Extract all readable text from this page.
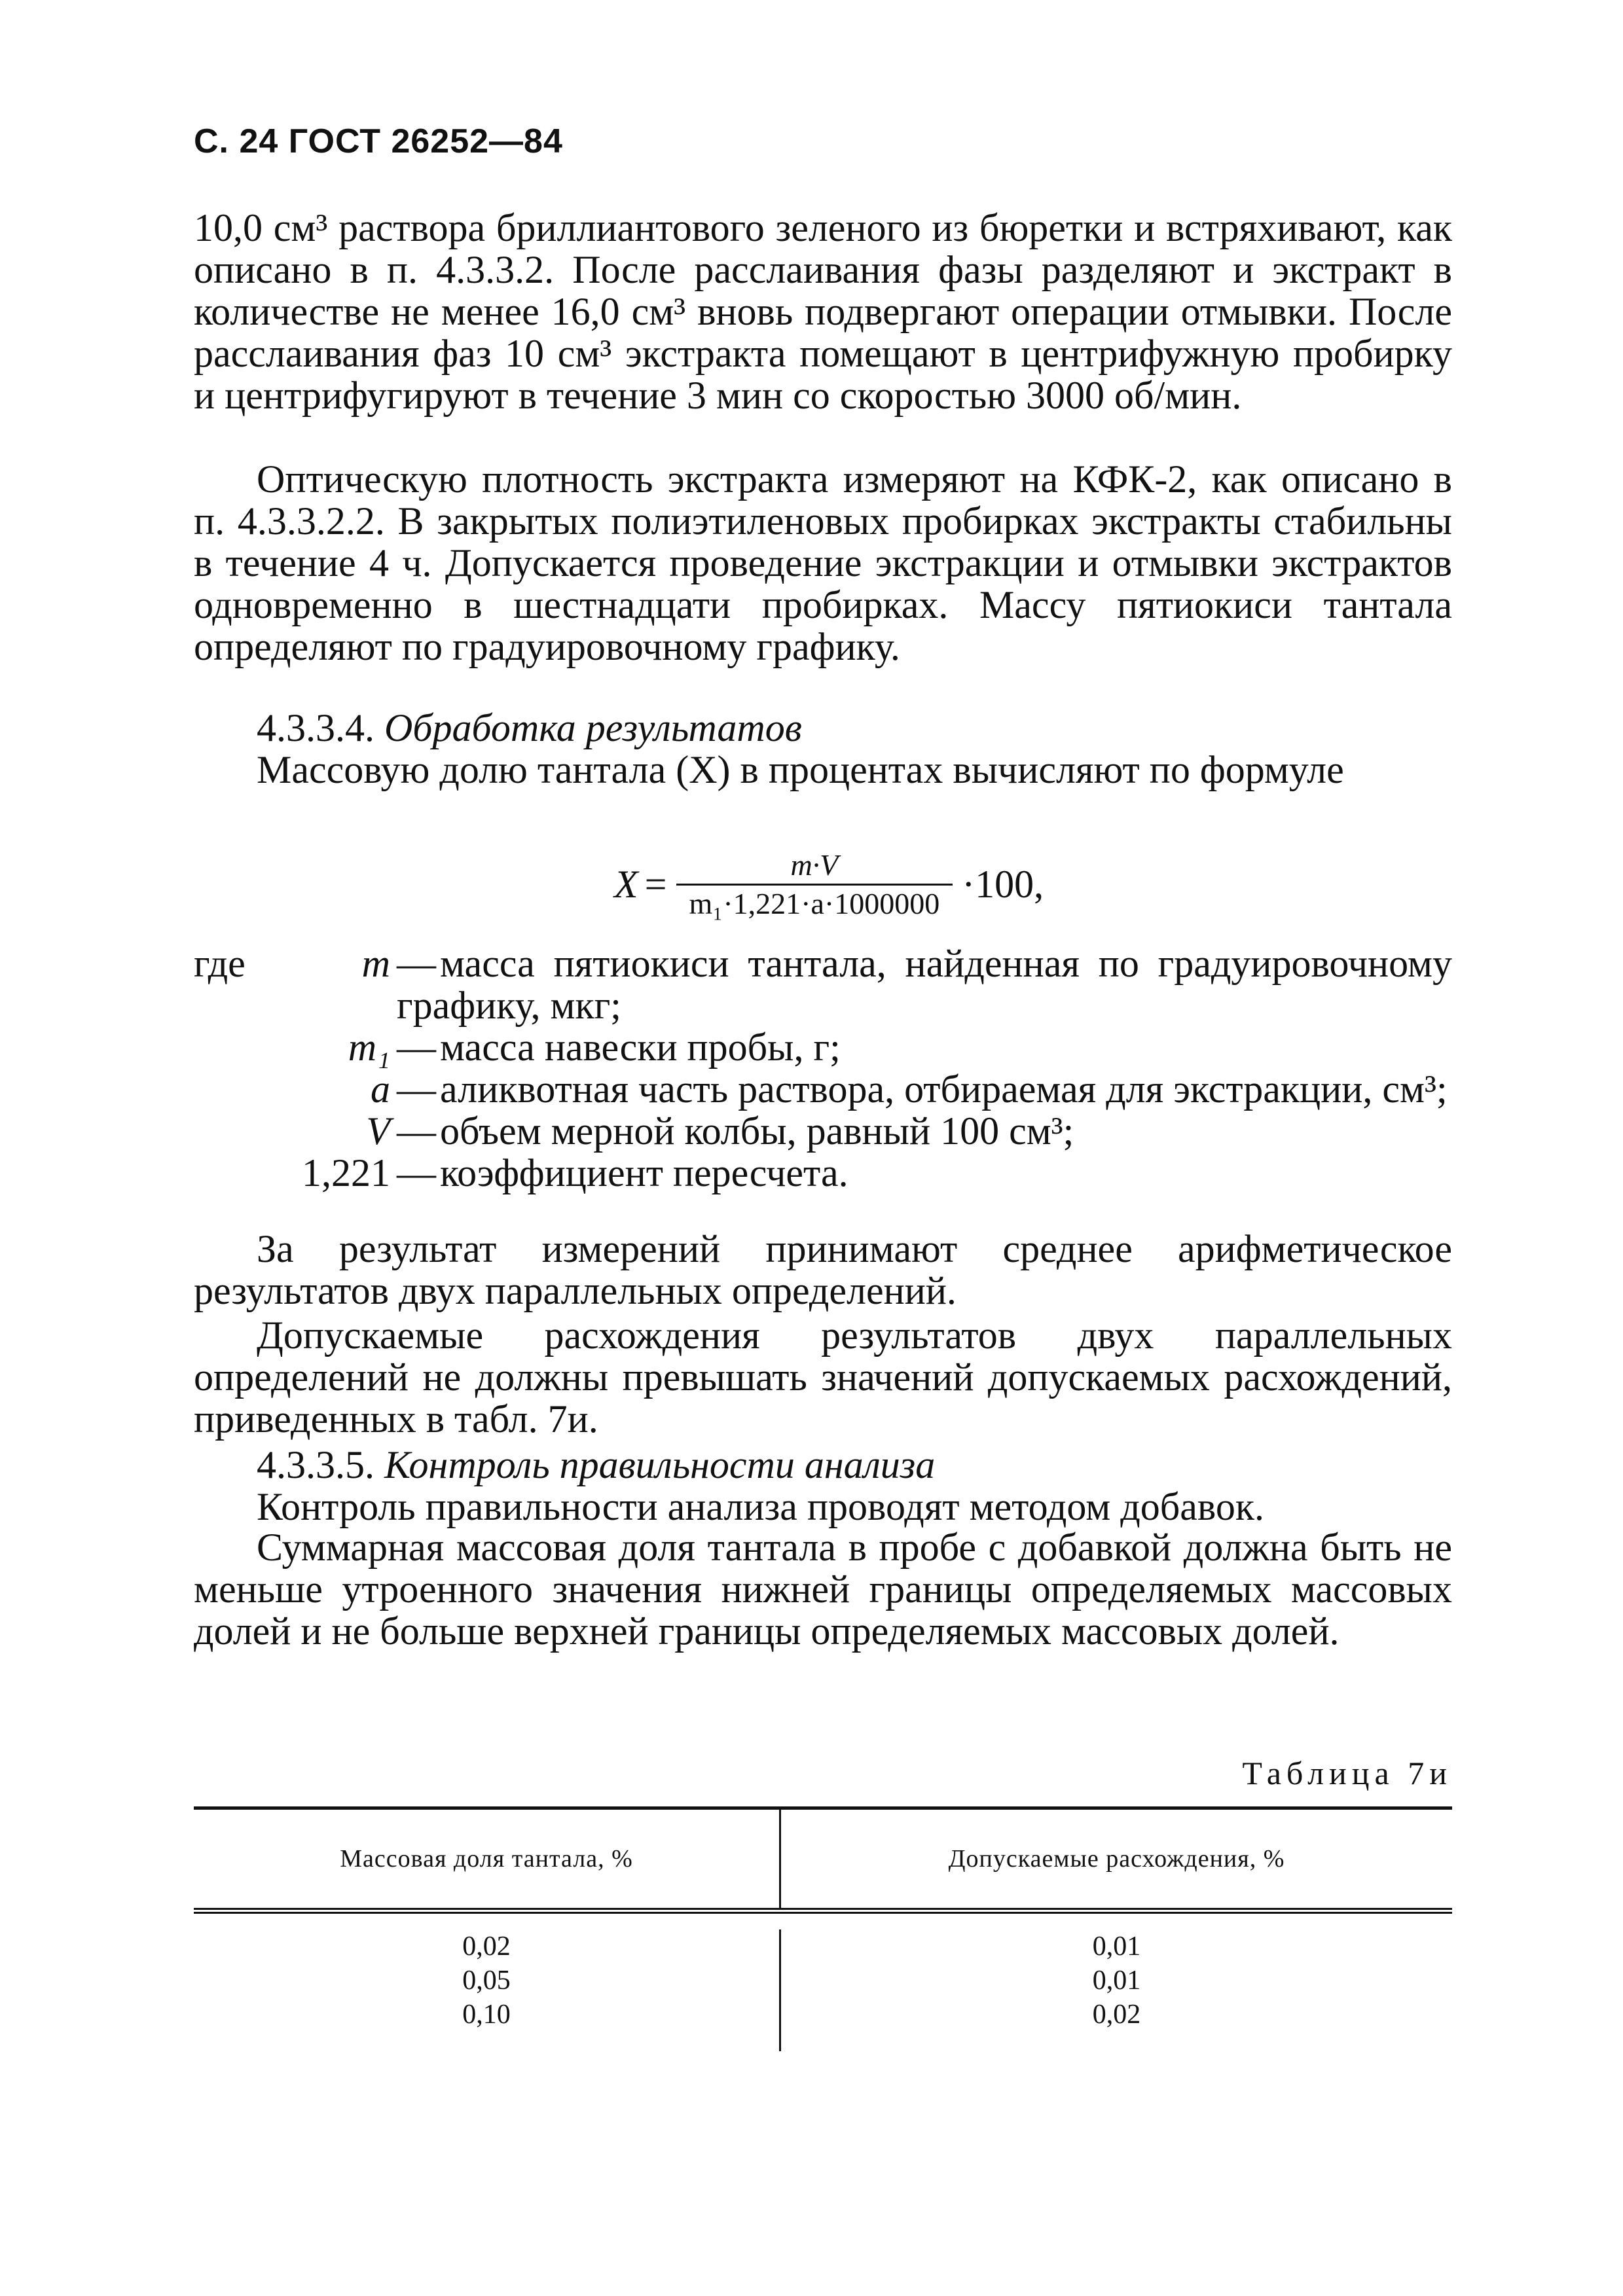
С. 24 ГОСТ 26252—84
10,0 см³ раствора бриллиантового зеленого из бюретки и встряхивают, как описано в п. 4.3.3.2. После расслаивания фазы разделяют и экстракт в количестве не менее 16,0 см³ вновь подвергают операции отмывки. После расслаивания фаз 10 см³ экстракта помещают в центрифужную пробирку и центрифугируют в течение 3 мин со скоростью 3000 об/мин.
Оптическую плотность экстракта измеряют на КФК-2, как описано в п. 4.3.3.2.2. В закрытых полиэтиленовых пробирках экстракты стабильны в течение 4 ч. Допускается проведение экстракции и отмывки экстрактов одновременно в шестнадцати пробирках. Массу пятиокиси тантала определяют по градуировочному графику.
4.3.3.4. Обработка результатов
Массовую долю тантала (X) в процентах вычисляют по формуле
$X = \frac{m\cdot V}{\text{m₁·1,221·a·1000000}} \cdot 100$,
где	m — масса пятиокиси тантала, найденная по градуировочному графику, мкг;
m₁ — масса навески пробы, г;
a — аликвотная часть раствора, отбираемая для экстракции, см³;
V — объем мерной колбы, равный 100 см³;
1,221 — коэффициент пересчета.
За результат измерений принимают среднее арифметическое результатов двух параллельных определений.
Допускаемые расхождения результатов двух параллельных определений не должны превышать значений допускаемых расхождений, приведенных в табл. 7и.
4.3.3.5. Контроль правильности анализа
Контроль правильности анализа проводят методом добавок.
Суммарная массовая доля тантала в пробе с добавкой должна быть не меньше утроенного значения нижней границы определяемых массовых долей и не больше верхней границы определяемых массовых долей.
Таблица 7и
Массовая доля тантала, %	Допускаемые расхождения, %
0,02
0,05
0,10
0,01
0,01
0,02
